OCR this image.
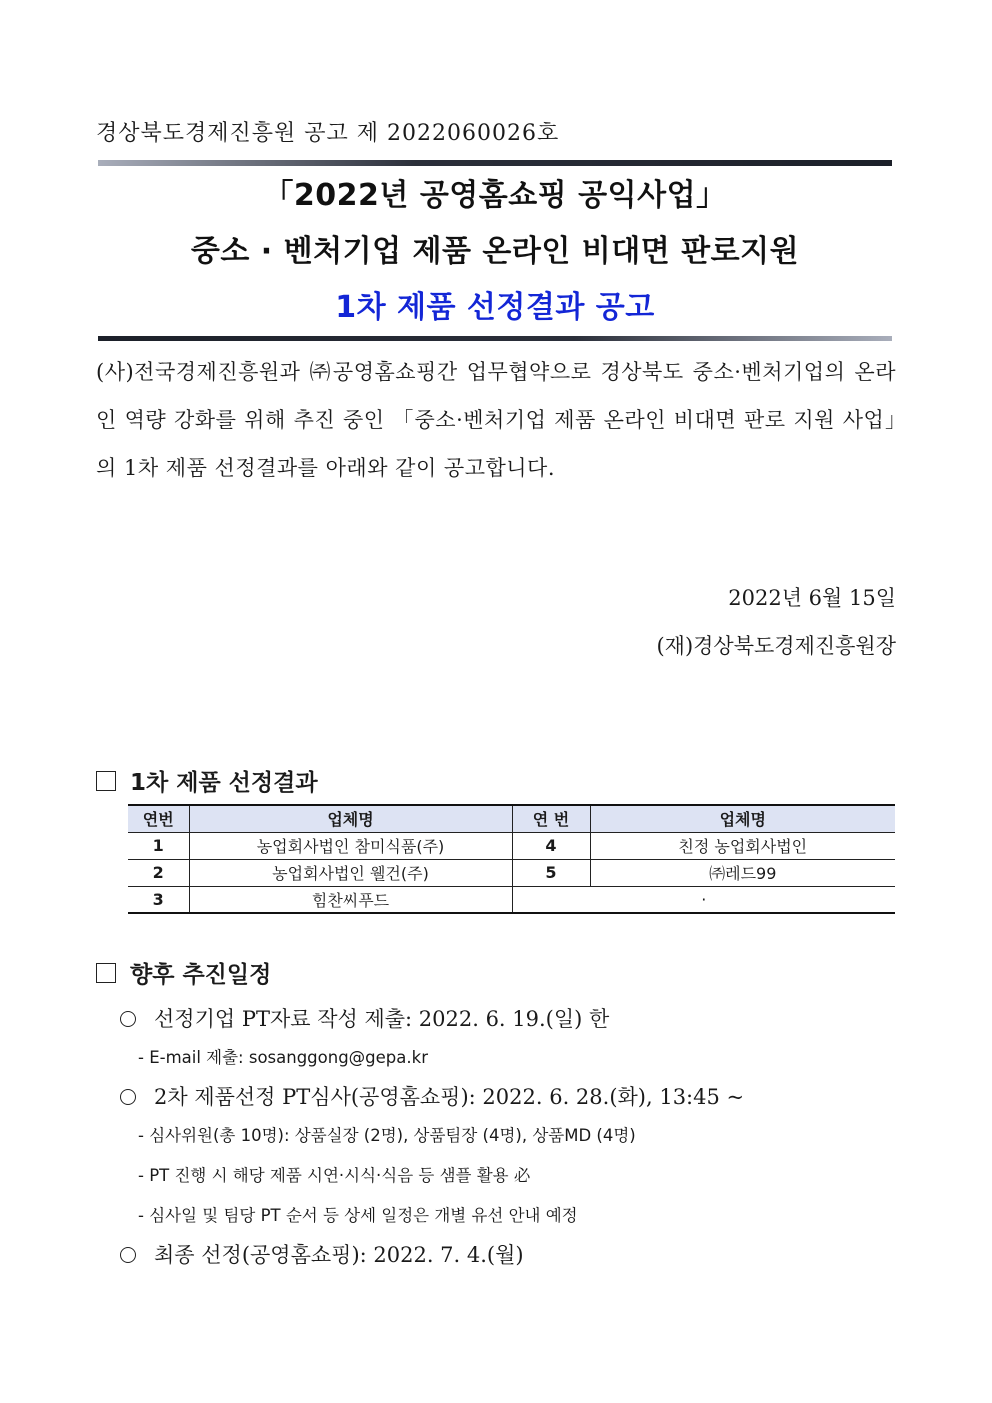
경상북도경제진흥원 공고 제 2022060026호
「2022년 공영홈쇼핑 공익사업」
중소 · 벤처기업 제품 온라인 비대면 판로지원
1차 제품 선정결과 공고

(사)전국경제진흥원과 ㈜공영홈쇼핑간 업무협약으로 경상북도 중소·벤처기업의 온라인 역량 강화를 위해 추진 중인 「중소·벤처기업 제품 온라인 비대면 판로 지원 사업」의 1차 제품 선정결과를 아래와 같이 공고합니다.

2022년 6월 15일
(재)경상북도경제진흥원장
1차 제품 선정결과
연번	업체명	연 번	업체명
1	농업회사법인 참미식품(주)	4	친정 농업회사법인
2	농업회사법인 웰건(주)	5	㈜레드99
3	힘찬씨푸드	·	
향후 추진일정
선정기업 PT자료 작성 제출: 2022. 6. 19.(일) 한
- E-mail 제출: sosanggong@gepa.kr
2차 제품선정 PT심사(공영홈쇼핑): 2022. 6. 28.(화), 13:45 ~
- 심사위원(총 10명): 상품실장 (2명), 상품팀장 (4명), 상품MD (4명)
- PT 진행 시 해당 제품 시연·시식·식음 등 샘플 활용 必
- 심사일 및 팀당 PT 순서 등 상세 일정은 개별 유선 안내 예정
최종 선정(공영홈쇼핑): 2022. 7. 4.(월)
